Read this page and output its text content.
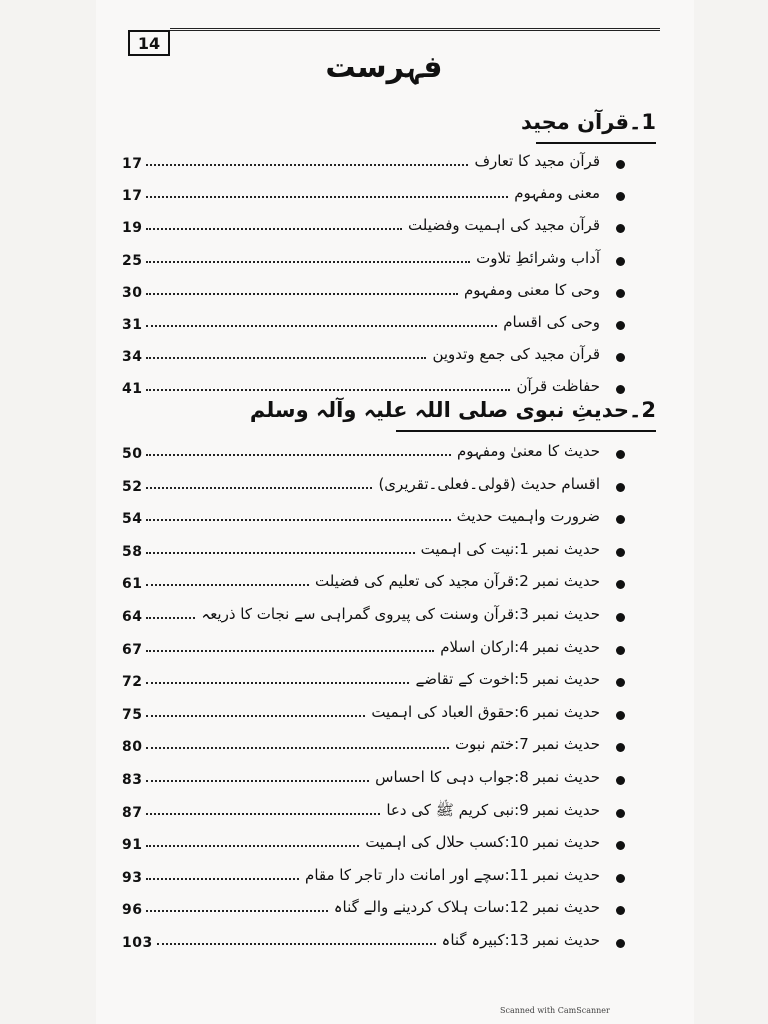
14
فہرست
1۔قرآن مجید
17	قرآن مجید کا تعارف
17	معنی ومفہوم
19	قرآن مجید کی اہمیت وفضیلت
25	آداب وشرائطِ تلاوت
30	وحی کا معنی ومفہوم
31	وحی کی اقسام
34	قرآن مجید کی جمع وتدوین
41	حفاظت قرآن
2۔حدیثِ نبوی صلی اللہ علیہ وآلہ وسلم
50	حدیث کا معنیٰ ومفہوم
52	اقسام حدیث (قولی۔فعلی۔تقریری)
54	ضرورت واہمیت حدیث
58	حدیث نمبر 1:نیت کی اہمیت
61	حدیث نمبر 2:قرآن مجید کی تعلیم کی فضیلت
64	حدیث نمبر 3:قرآن وسنت کی پیروی گمراہی سے نجات کا ذریعہ
67	حدیث نمبر 4:ارکان اسلام
72	حدیث نمبر 5:اخوت کے تقاضے
75	حدیث نمبر 6:حقوق العباد کی اہمیت
80	حدیث نمبر 7:ختم نبوت
83	حدیث نمبر 8:جواب دہی کا احساس
87	حدیث نمبر 9:نبی کریم ﷺ کی دعا
91	حدیث نمبر 10:کسب حلال کی اہمیت
93	حدیث نمبر 11:سچے اور امانت دار تاجر کا مقام
96	حدیث نمبر 12:سات ہلاک کردینے والے گناہ
103	حدیث نمبر 13:کبیرہ گناہ
Scanned with CamScanner
